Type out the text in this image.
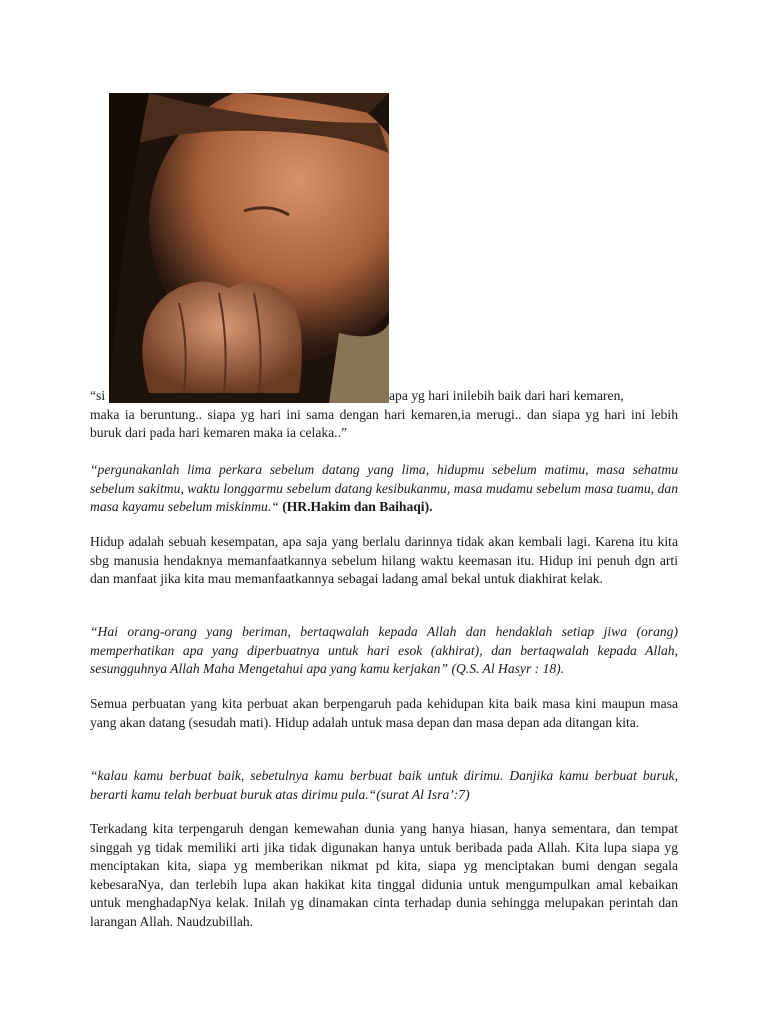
“si	apa yg hari inilebih baik dari hari kemaren,

maka ia beruntung.. siapa yg hari ini sama dengan hari kemaren,ia merugi.. dan siapa yg hari ini lebih buruk dari pada hari kemaren maka ia celaka..”

“pergunakanlah lima perkara sebelum datang yang lima, hidupmu sebelum matimu, masa sehatmu sebelum sakitmu, waktu longgarmu sebelum datang kesibukanmu, masa mudamu sebelum masa tuamu, dan masa kayamu sebelum miskinmu.“ (HR.Hakim dan Baihaqi).

Hidup adalah sebuah kesempatan, apa saja yang berlalu darinnya tidak akan kembali lagi. Karena itu kita sbg manusia hendaknya memanfaatkannya sebelum hilang waktu keemasan itu. Hidup ini penuh dgn arti dan manfaat jika kita mau memanfaatkannya sebagai ladang amal bekal untuk diakhirat kelak.

“Hai orang-orang yang beriman, bertaqwalah kepada Allah dan hendaklah setiap jiwa (orang) memperhatikan apa yang diperbuatnya untuk hari esok (akhirat), dan bertaqwalah kepada Allah, sesungguhnya Allah Maha Mengetahui apa yang kamu kerjakan” (Q.S. Al Hasyr : 18).

Semua perbuatan yang kita perbuat akan berpengaruh pada kehidupan kita baik masa kini maupun masa yang akan datang (sesudah mati). Hidup adalah untuk masa depan dan masa depan ada ditangan kita.

“kalau kamu berbuat baik, sebetulnya kamu berbuat baik untuk dirimu. Danjika kamu berbuat buruk, berarti kamu telah berbuat buruk atas dirimu pula.“(surat Al Isra’:7)

Terkadang kita terpengaruh dengan kemewahan dunia yang hanya hiasan, hanya sementara, dan tempat singgah yg tidak memiliki arti jika tidak digunakan hanya untuk beribada pada Allah. Kita lupa siapa yg menciptakan kita, siapa yg memberikan nikmat pd kita, siapa yg menciptakan bumi dengan segala kebesaraNya, dan terlebih lupa akan hakikat kita tinggal didunia untuk mengumpulkan amal kebaikan untuk menghadapNya kelak. Inilah yg dinamakan cinta terhadap dunia sehingga melupakan perintah dan larangan Allah. Naudzubillah.
